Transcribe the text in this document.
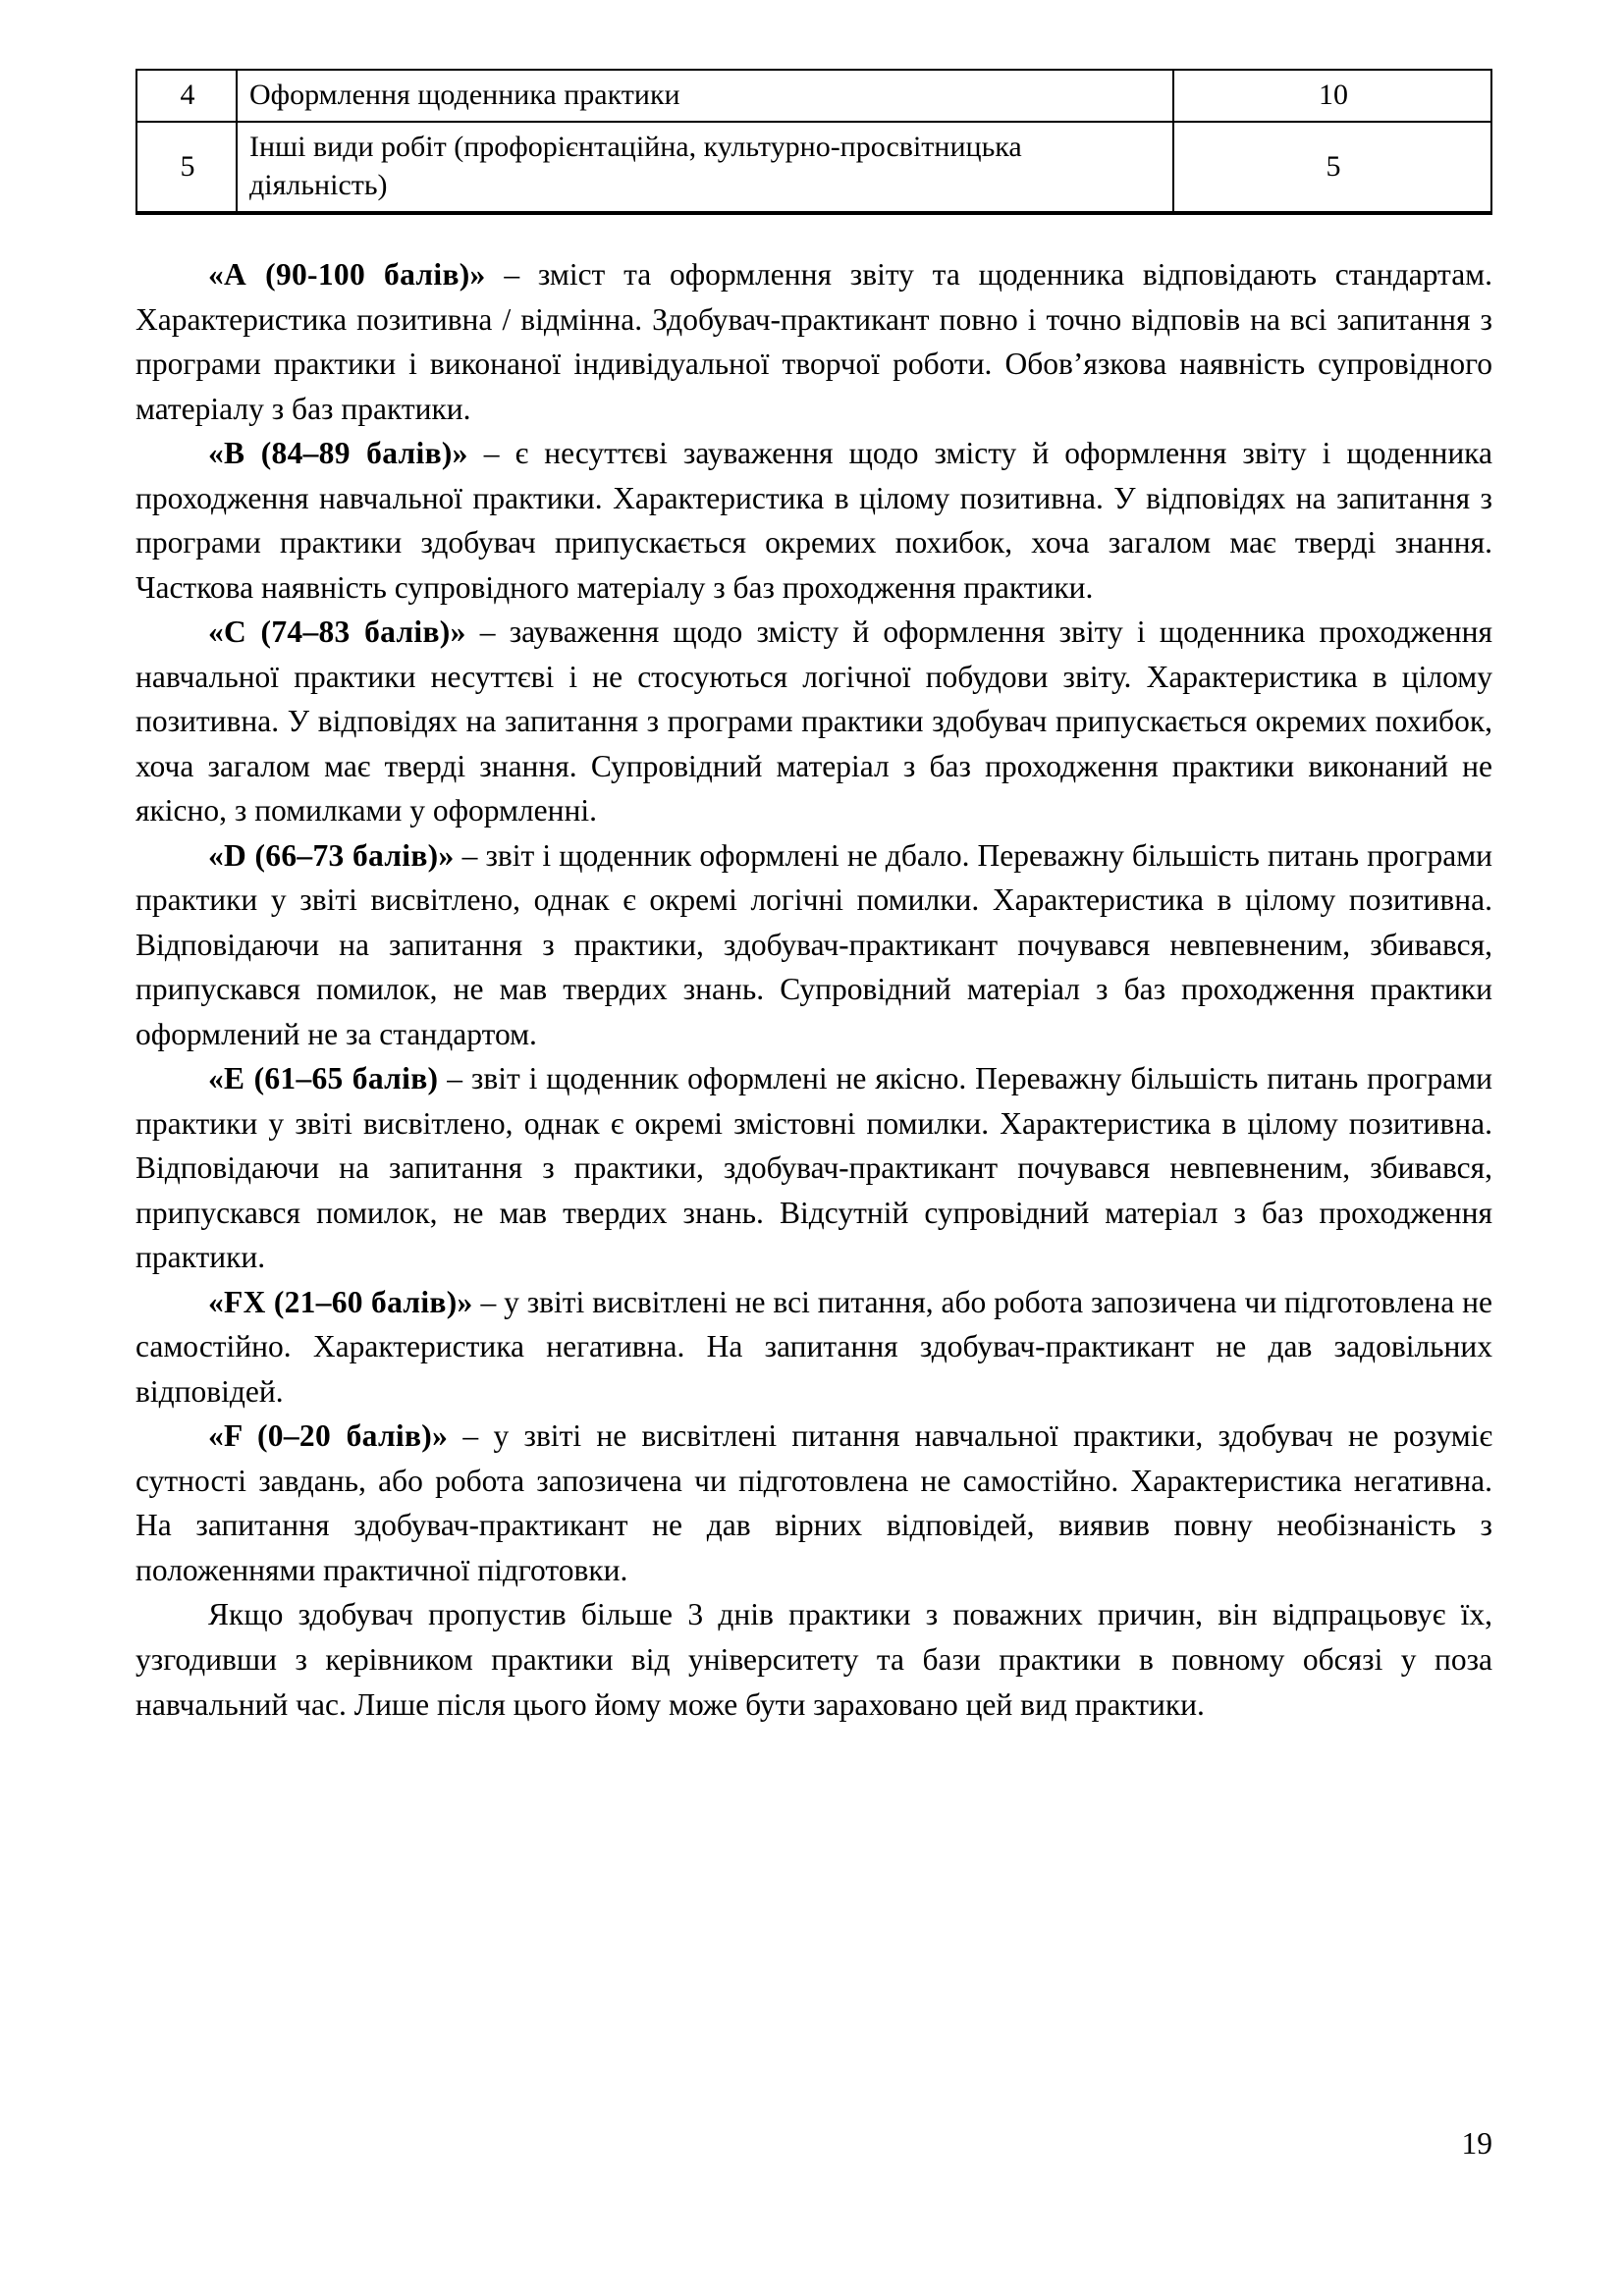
4	Оформлення щоденника практики	10
5	Інші види робіт (профорієнтаційна, культурно-просвітницька діяльність)	5

«А (90-100 балів)» – зміст та оформлення звіту та щоденника відповідають стандартам. Характеристика позитивна / відмінна. Здобувач-практикант повно і точно відповів на всі запитання з програми практики і виконаної індивідуальної творчої роботи. Обов’язкова наявність супровідного матеріалу з баз практики.

«B (84–89 балів)» – є несуттєві зауваження щодо змісту й оформлення звіту і щоденника проходження навчальної практики. Характеристика в цілому позитивна. У відповідях на запитання з програми практики здобувач припускається окремих похибок, хоча загалом має тверді знання. Часткова наявність супровідного матеріалу з баз проходження практики.

«C (74–83 балів)» – зауваження щодо змісту й оформлення звіту і щоденника проходження навчальної практики несуттєві і не стосуються логічної побудови звіту. Характеристика в цілому позитивна. У відповідях на запитання з програми практики здобувач припускається окремих похибок, хоча загалом має тверді знання. Супровідний матеріал з баз проходження практики виконаний не якісно, з помилками у оформленні.

«D (66–73 балів)» – звіт і щоденник оформлені не дбало. Переважну більшість питань програми практики у звіті висвітлено, однак є окремі логічні помилки. Характеристика в цілому позитивна. Відповідаючи на запитання з практики, здобувач-практикант почувався невпевненим, збивався, припускався помилок, не мав твердих знань. Супровідний матеріал з баз проходження практики оформлений не за стандартом.

«E (61–65 балів) – звіт і щоденник оформлені не якісно. Переважну більшість питань програми практики у звіті висвітлено, однак є окремі змістовні помилки. Характеристика в цілому позитивна. Відповідаючи на запитання з практики, здобувач-практикант почувався невпевненим, збивався, припускався помилок, не мав твердих знань. Відсутній супровідний матеріал з баз проходження практики.

«FX (21–60 балів)» – у звіті висвітлені не всі питання, або робота запозичена чи підготовлена не самостійно. Характеристика негативна. На запитання здобувач-практикант не дав задовільних відповідей.

«F (0–20 балів)» – у звіті не висвітлені питання навчальної практики, здобувач не розуміє сутності завдань, або робота запозичена чи підготовлена не самостійно. Характеристика негативна. На запитання здобувач-практикант не дав вірних відповідей, виявив повну необізнаність з положеннями практичної підготовки.

Якщо здобувач пропустив більше 3 днів практики з поважних причин, він відпрацьовує їх, узгодивши з керівником практики від університету та бази практики в повному обсязі у поза навчальний час. Лише після цього йому може бути зараховано цей вид практики.

19
